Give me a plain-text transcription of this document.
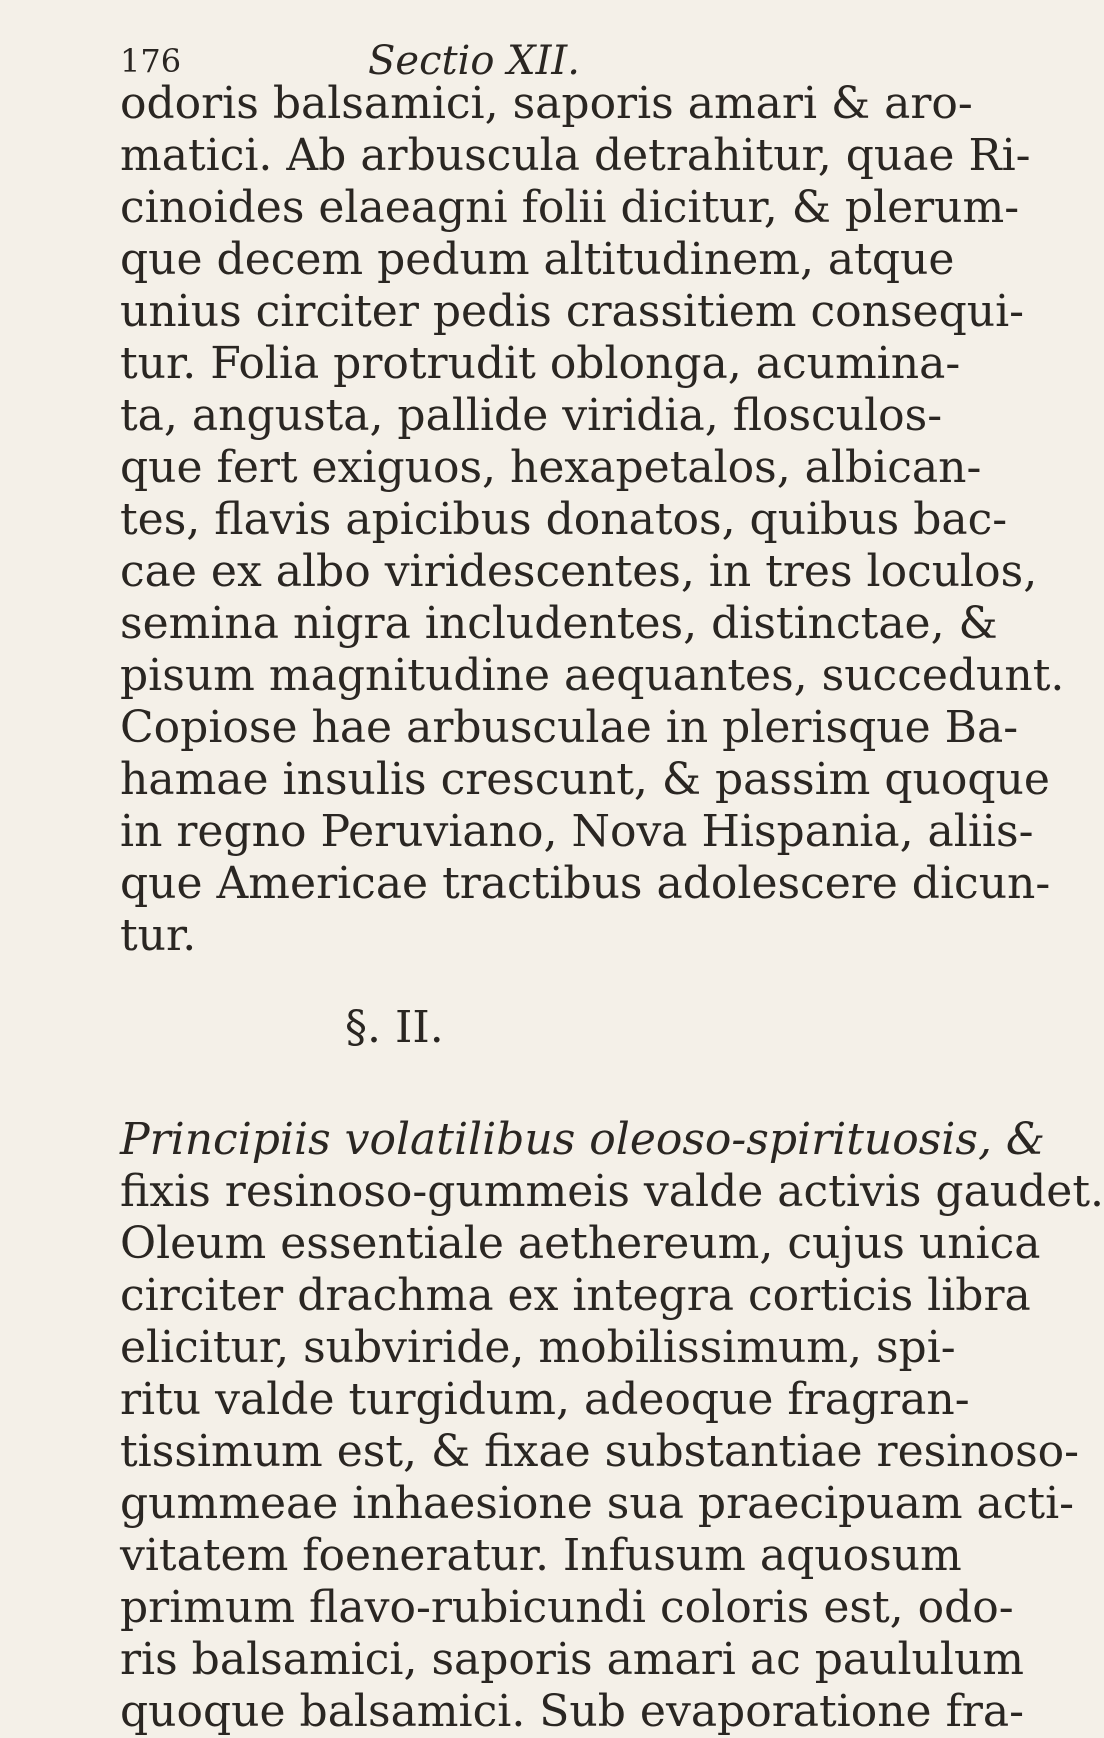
176	Sectio XII.
odoris balsamici, saporis amari & aro-
matici. Ab arbuscula detrahitur, quae Ri-
cinoides elaeagni folii dicitur, & plerum-
que decem pedum altitudinem, atque
unius circiter pedis crassitiem consequi-
tur. Folia protrudit oblonga, acumina-
ta, angusta, pallide viridia, flosculos-
que fert exiguos, hexapetalos, albican-
tes, flavis apicibus donatos, quibus bac-
cae ex albo viridescentes, in tres loculos,
semina nigra includentes, distinctae, &
pisum magnitudine aequantes, succedunt.
Copiose hae arbusculae in plerisque Ba-
hamae insulis crescunt, & passim quoque
in regno Peruviano, Nova Hispania, aliis-
que Americae tractibus adolescere dicun-
tur.
§. II.
Principiis volatilibus oleoso-spirituosis, &
fixis resinoso-gummeis valde activis gaudet.
Oleum essentiale aethereum, cujus unica
circiter drachma ex integra corticis libra
elicitur, subviride, mobilissimum, spi-
ritu valde turgidum, adeoque fragran-
tissimum est, & fixae substantiae resinoso-
gummeae inhaesione sua praecipuam acti-
vitatem foeneratur. Infusum aquosum
primum flavo-rubicundi coloris est, odo-
ris balsamici, saporis amari ac paululum
quoque balsamici. Sub evaporatione fra-
